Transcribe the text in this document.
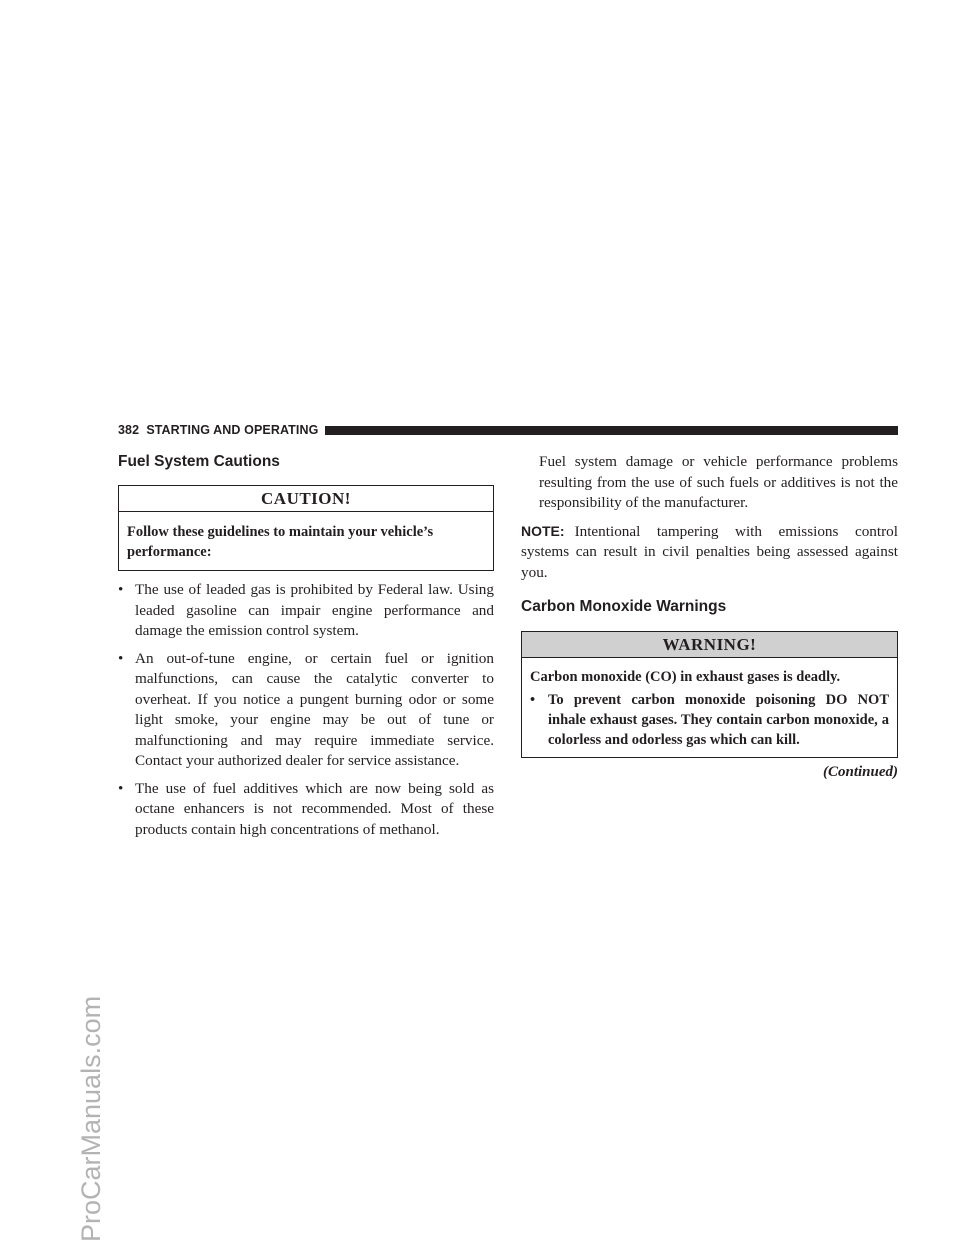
ProCarManuals.com
382 STARTING AND OPERATING
Fuel System Cautions
CAUTION!
Follow these guidelines to maintain your vehicle’s performance:
• The use of leaded gas is prohibited by Federal law. Using leaded gasoline can impair engine performance and damage the emission control system.
• An out-of-tune engine, or certain fuel or ignition malfunctions, can cause the catalytic converter to overheat. If you notice a pungent burning odor or some light smoke, your engine may be out of tune or malfunctioning and may require immediate service. Contact your authorized dealer for service assistance.
• The use of fuel additives which are now being sold as octane enhancers is not recommended. Most of these products contain high concentrations of methanol.

Fuel system damage or vehicle performance problems resulting from the use of such fuels or additives is not the responsibility of the manufacturer.

NOTE: Intentional tampering with emissions control systems can result in civil penalties being assessed against you.

Carbon Monoxide Warnings
WARNING!
Carbon monoxide (CO) in exhaust gases is deadly.
• To prevent carbon monoxide poisoning DO NOT inhale exhaust gases. They contain carbon monoxide, a colorless and odorless gas which can kill.
(Continued)
